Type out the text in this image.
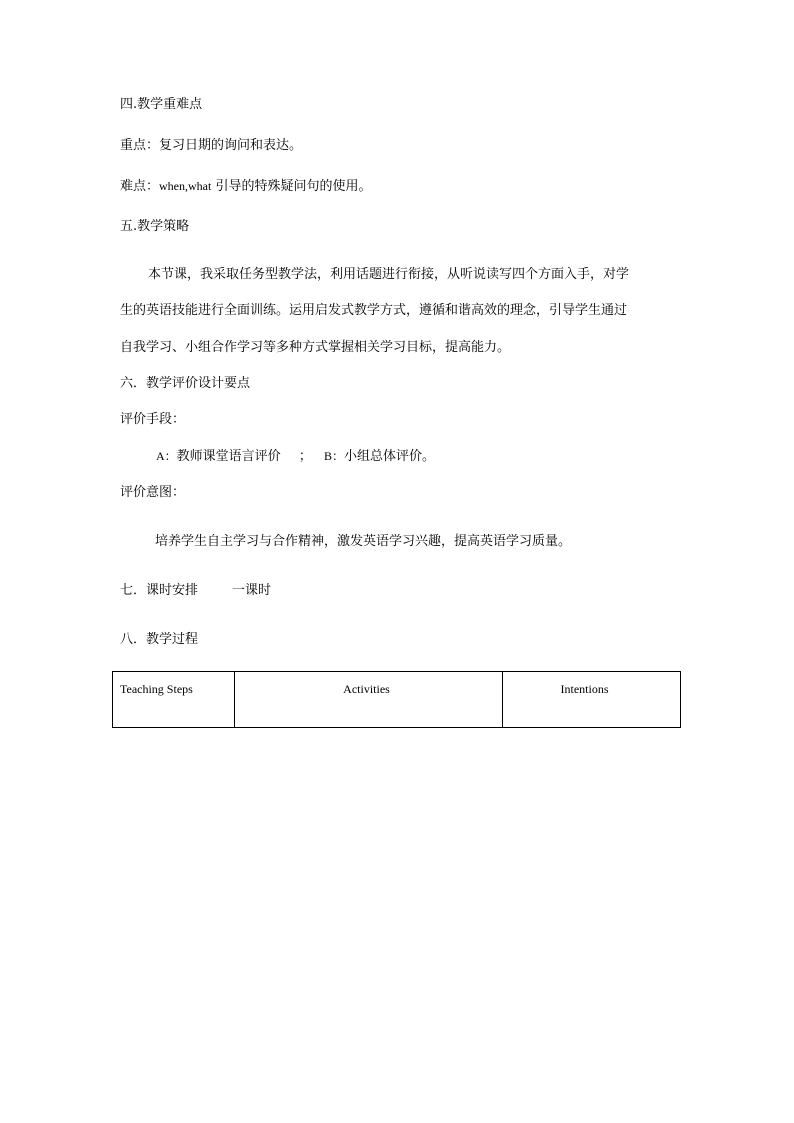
四.教学重难点
重点：复习日期的询问和表达。
难点：when,what 引导的特殊疑问句的使用。
五.教学策略
本节课，我采取任务型教学法，利用话题进行衔接，从听说读写四个方面入手，对学
生的英语技能进行全面训练。运用启发式教学方式，遵循和谐高效的理念，引导学生通过
自我学习、小组合作学习等多种方式掌握相关学习目标，提高能力。
六．教学评价设计要点
评价手段：
A：教师课堂语言评价 ； B：小组总体评价。
评价意图：
培养学生自主学习与合作精神，激发英语学习兴趣，提高英语学习质量。
七．课时安排	一课时
八．教学过程
Teaching Steps	Activities	Intentions
